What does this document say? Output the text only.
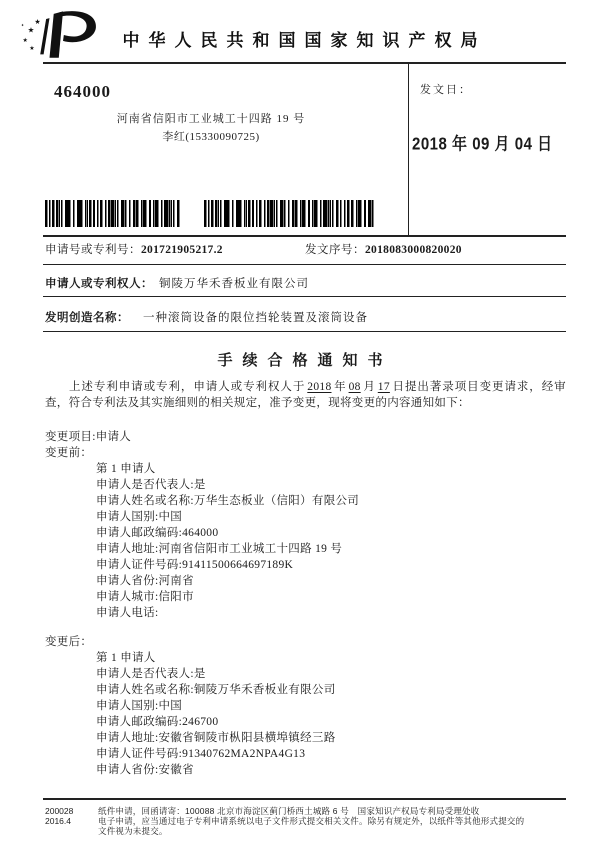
★
★
★
★
✦
中华人民共和国国家知识产权局
464000
河南省信阳市工业城工十四路 19 号
李红(15330090725)
发文日：
2018 年 09 月 04 日
申请号或专利号：201721905217.2	发文序号：2018083000820020
申请人或专利权人： 铜陵万华禾香板业有限公司
发明创造名称： 一种滚筒设备的限位挡轮装置及滚筒设备
手续合格通知书
上述专利申请或专利，申请人或专利权人于 2018 年 08 月 17 日提出著录项目变更请求，经审查，符合专利法及其实施细则的相关规定，准予变更，现将变更的内容通知如下：
变更项目:申请人
变更前：
第 1 申请人
申请人是否代表人:是
申请人姓名或名称:万华生态板业（信阳）有限公司
申请人国别:中国
申请人邮政编码:464000
申请人地址:河南省信阳市工业城工十四路 19 号
申请人证件号码:91411500664697189K
申请人省份:河南省
申请人城市:信阳市
申请人电话:
变更后：
第 1 申请人
申请人是否代表人:是
申请人姓名或名称:铜陵万华禾香板业有限公司
申请人国别:中国
申请人邮政编码:246700
申请人地址:安徽省铜陵市枞阳县横埠镇经三路
申请人证件号码:91340762MA2NPA4G13
申请人省份:安徽省
200028
2016.4
纸件申请，回函请寄：100088 北京市海淀区蓟门桥西土城路 6 号　国家知识产权局专利局受理处收
电子申请，应当通过电子专利申请系统以电子文件形式提交相关文件。除另有规定外，以纸件等其他形式提交的
文件视为未提交。
